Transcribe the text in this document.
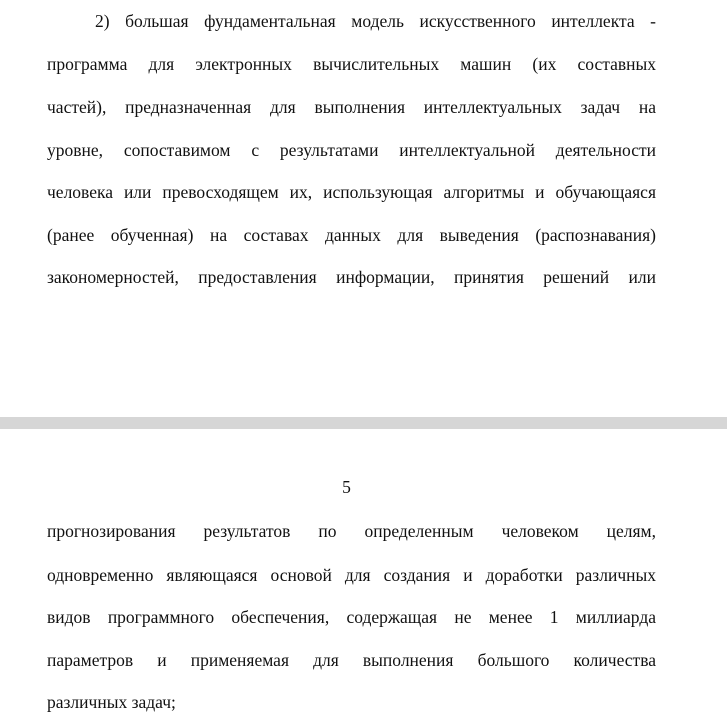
2) большая фундаментальная модель искусственного интеллекта -
программа для электронных вычислительных машин (их составных
частей), предназначенная для выполнения интеллектуальных задач на
уровне, сопоставимом с результатами интеллектуальной деятельности
человека или превосходящем их, использующая алгоритмы и обучающаяся
(ранее обученная) на составах данных для выведения (распознавания)
закономерностей, предоставления информации, принятия решений или
5
прогнозирования результатов по определенным человеком целям,
одновременно являющаяся основой для создания и доработки различных
видов программного обеспечения, содержащая не менее 1 миллиарда
параметров и применяемая для выполнения большого количества
различных задач;
